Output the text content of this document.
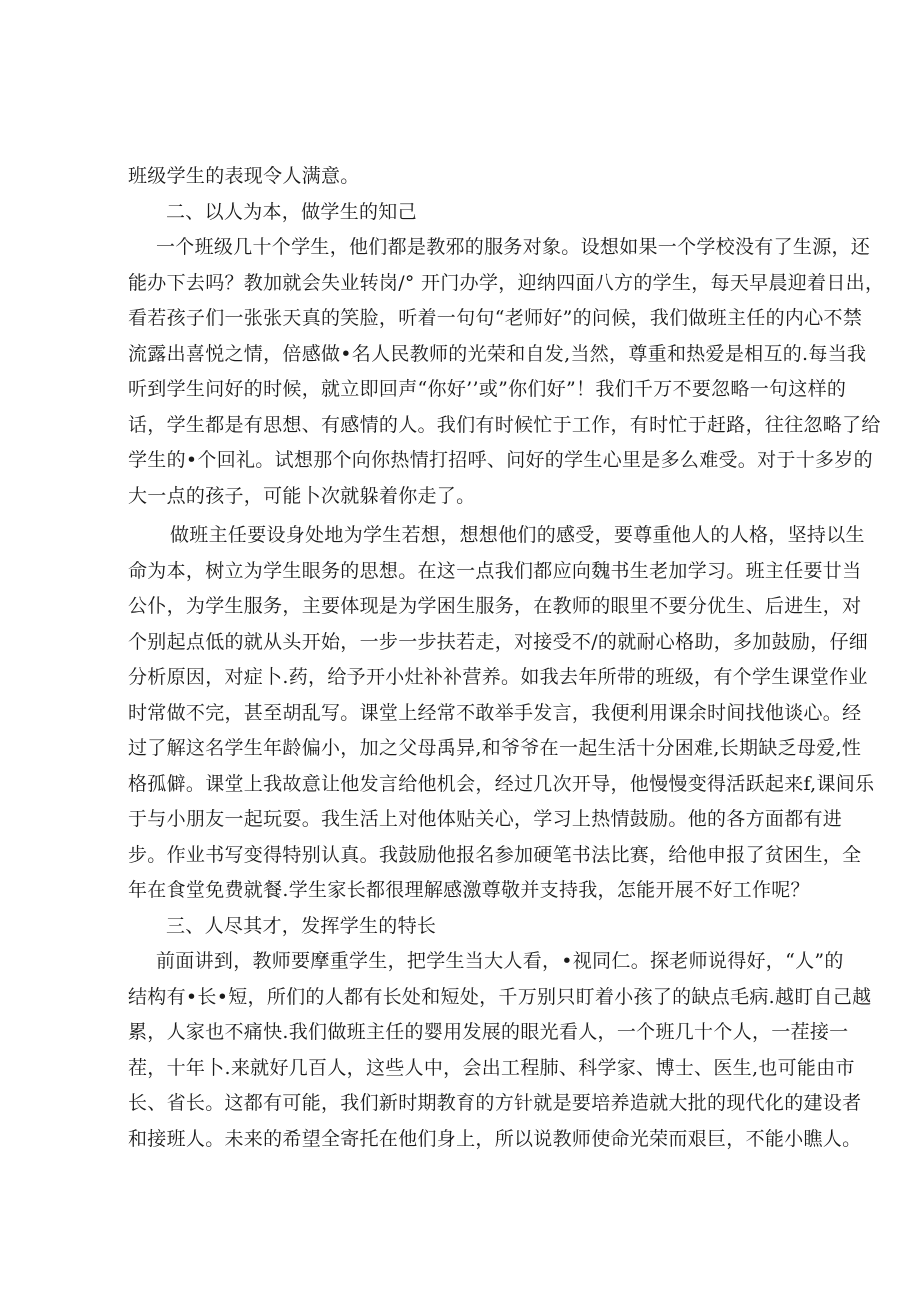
班级学生的表现令人满意。
二、以人为本，做学生的知己
一个班级几十个学生，他们都是教邪的服务对象。设想如果一个学校没有了生源，还
能办下去吗？教加就会失业转岗/° 开门办学，迎纳四面八方的学生，每天早晨迎着日出，
看若孩子们一张张天真的笑脸，听着一句句“老师好”的问候，我们做班主任的内心不禁
流露出喜悦之情，倍感做•名人民教师的光荣和自发,当然，尊重和热爱是相互的.每当我
听到学生问好的时候，就立即回声“你好’’或”你们好”！我们千万不要忽略一句这样的
话，学生都是有思想、有感情的人。我们有时候忙于工作，有时忙于赶路，往往忽略了给
学生的•个回礼。试想那个向你热情打招呼、问好的学生心里是多么难受。对于十多岁的
大一点的孩子，可能卜次就躲着你走了。
做班主任要设身处地为学生若想，想想他们的感受，要尊重他人的人格，坚持以生
命为本，树立为学生眼务的思想。在这一点我们都应向魏书生老加学习。班主任要廿当
公仆，为学生服务，主要体现是为学困生服务，在教师的眼里不要分优生、后进生，对
个别起点低的就从头开始，一步一步扶若走，对接受不/的就耐心格助，多加鼓励，仔细
分析原因，对症卜.药，给予开小灶补补营养。如我去年所带的班级，有个学生课堂作业
时常做不完，甚至胡乱写。课堂上经常不敢举手发言，我便利用课余时间找他谈心。经
过了解这名学生年龄偏小，加之父母禹异,和爷爷在一起生活十分困难,长期缺乏母爱,性
格孤僻。课堂上我故意让他发言给他机会，经过几次开导，他慢慢变得活跃起来f,课间乐
于与小朋友一起玩耍。我生活上对他体贴关心，学习上热情鼓励。他的各方面都有进
步。作业书写变得特别认真。我鼓励他报名参加硬笔书法比赛，给他申报了贫困生，全
年在食堂免费就餐.学生家长都很理解感激尊敬并支持我，怎能开展不好工作呢？
三、人尽其才，发挥学生的特长
前面讲到，教师要摩重学生，把学生当大人看，•视同仁。探老师说得好，“人”的
结构有•长•短，所们的人都有长处和短处，千万别只盯着小孩了的缺点毛病.越盯自己越
累，人家也不痛快.我们做班主任的婴用发展的眼光看人，一个班几十个人，一茬接一
茬，十年卜.来就好几百人，这些人中，会出工程肺、科学家、博士、医生,也可能由市
长、省长。这都有可能，我们新时期教育的方针就是要培养造就大批的现代化的建设者
和接班人。未来的希望全寄托在他们身上，所以说教师使命光荣而艰巨，不能小瞧人。
